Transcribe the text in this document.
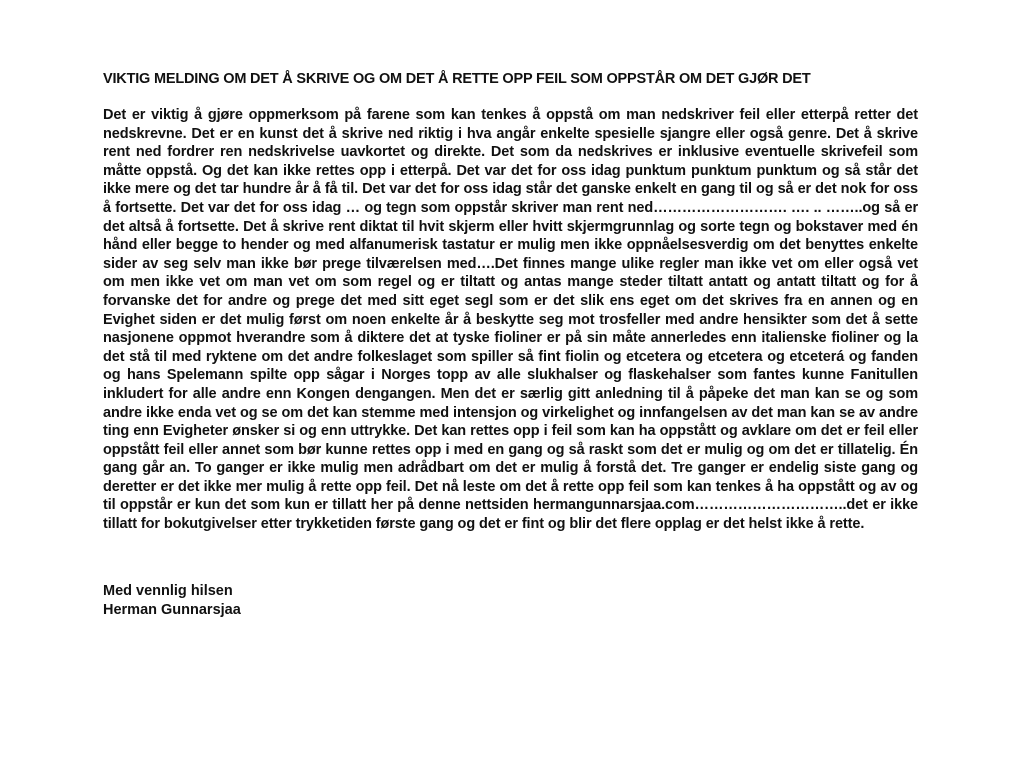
VIKTIG MELDING OM DET Å SKRIVE OG OM DET Å RETTE OPP FEIL SOM OPPSTÅR OM DET GJØR DET

Det er viktig å gjøre oppmerksom på farene som kan tenkes å oppstå om man nedskriver feil eller etterpå retter det nedskrevne. Det er en kunst det å skrive ned riktig i hva angår enkelte spesielle sjangre eller også genre. Det å skrive rent ned fordrer ren nedskrivelse uavkortet og direkte. Det som da nedskrives er inklusive eventuelle skrivefeil som måtte oppstå. Og det kan ikke rettes opp i etterpå. Det var det for oss idag punktum punktum punktum og så står det ikke mere og det tar hundre år å få til. Det var det for oss idag står det ganske enkelt en gang til og så er det nok for oss å fortsette. Det var det for oss idag … og tegn som oppstår skriver man rent ned………………………. …. .. ……..og så er det altså å fortsette. Det å skrive rent diktat til hvit skjerm eller hvitt skjermgrunnlag og sorte tegn og bokstaver med én hånd eller begge to hender og med alfanumerisk tastatur er mulig men ikke oppnåelsesverdig om det benyttes enkelte sider av seg selv man ikke bør prege tilværelsen med….Det finnes mange ulike regler man ikke vet om eller også vet om men ikke vet om man vet om som regel og er tiltatt og antas mange steder tiltatt antatt og antatt tiltatt og for å forvanske det for andre og prege det med sitt eget segl som er det slik ens eget om det skrives fra en annen og en Evighet siden er det mulig først om noen enkelte år å beskytte seg mot trosfeller med andre hensikter som det å sette nasjonene oppmot hverandre som å diktere det at tyske fioliner er på sin måte annerledes enn italienske fioliner og la det stå til med ryktene om det andre folkeslaget som spiller så fint fiolin og etcetera og etcetera og etceterá og fanden og hans Spelemann spilte opp sågar i Norges topp av alle slukhalser og flaskehalser som fantes kunne Fanitullen inkludert for alle andre enn Kongen dengangen. Men det er særlig gitt anledning til å påpeke det man kan se og som andre ikke enda vet og se om det kan stemme med intensjon og virkelighet og innfangelsen av det man kan se av andre ting enn Evigheter ønsker si og enn uttrykke. Det kan rettes opp i feil som kan ha oppstått og avklare om det er feil eller oppstått feil eller annet som bør kunne rettes opp i med en gang og så raskt som det er mulig og om det er tillatelig. Én gang går an. To ganger er ikke mulig men adrådbart om det er mulig å forstå det. Tre ganger er endelig siste gang og deretter er det ikke mer mulig å rette opp feil. Det nå leste om det å rette opp feil som kan tenkes å ha oppstått og av og til oppstår er kun det som kun er tillatt her på denne nettsiden hermangunnarsjaa.com…………………………..det er ikke tillatt for bokutgivelser etter trykketiden første gang og det er fint og blir det flere opplag er det helst ikke å rette.

Med vennlig hilsen
Herman Gunnarsjaa
